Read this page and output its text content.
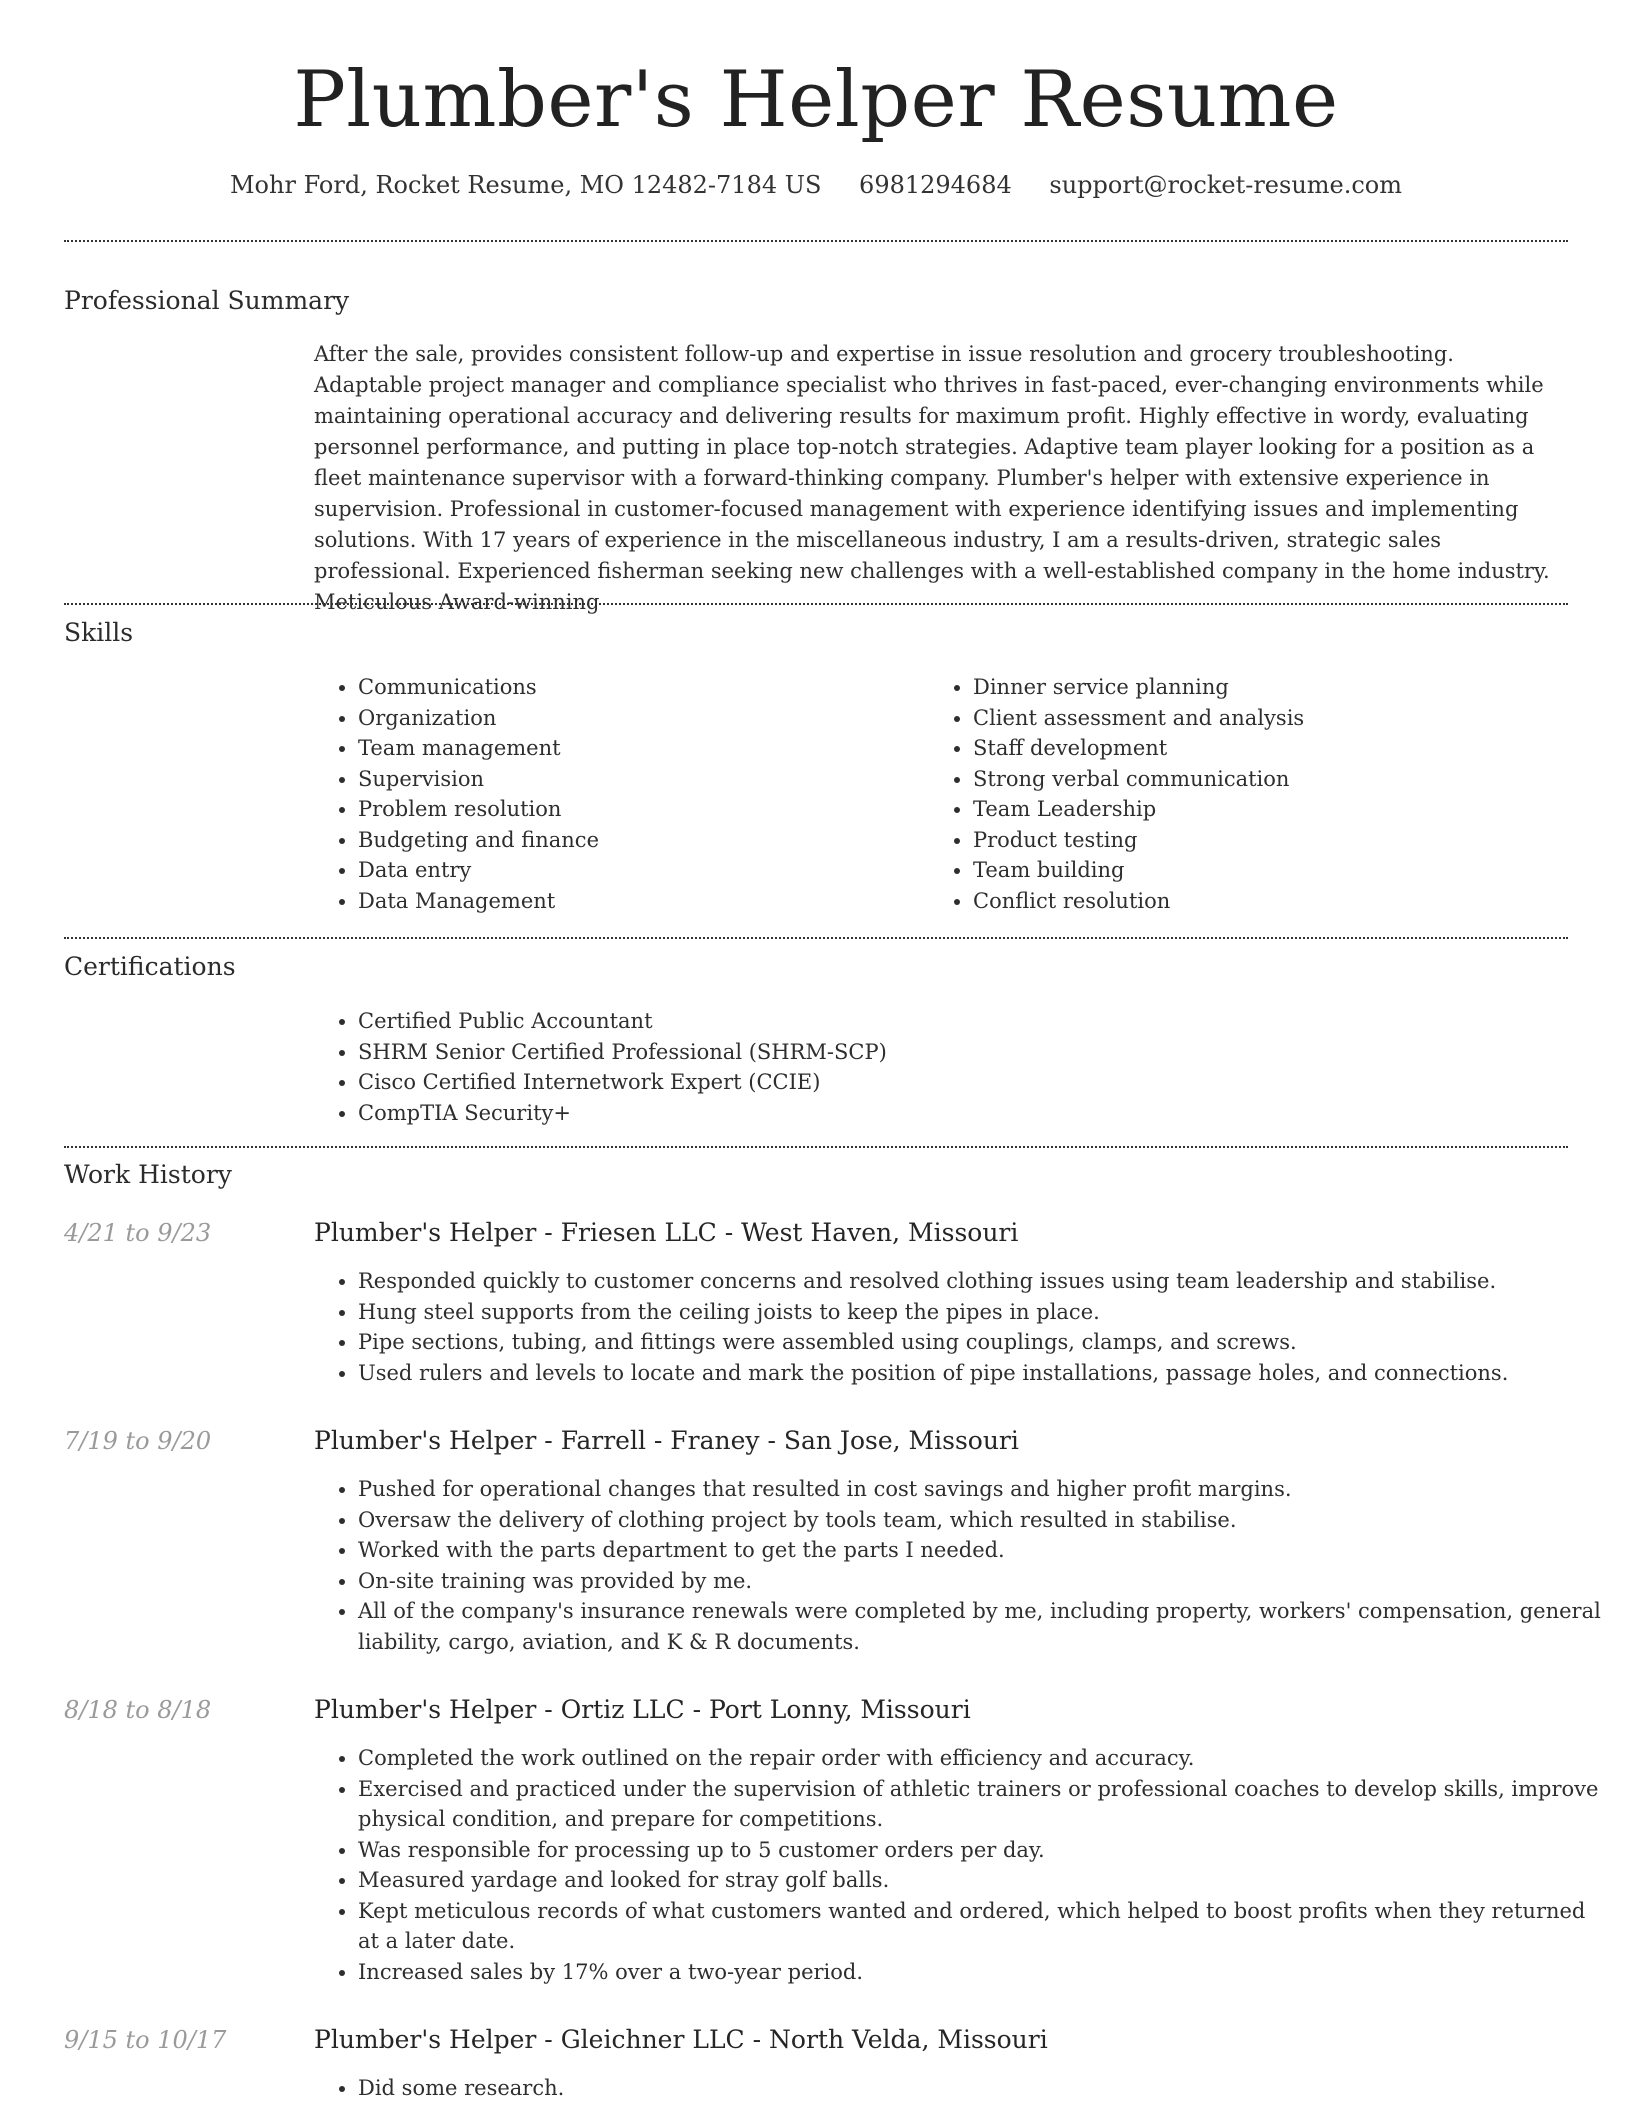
Plumber's Helper Resume
Mohr Ford, Rocket Resume, MO 12482-7184 US 6981294684 support@rocket-resume.com
Professional Summary

After the sale, provides consistent follow-up and expertise in issue resolution and grocery troubleshooting. Adaptable project manager and compliance specialist who thrives in fast-paced, ever-changing environments while maintaining operational accuracy and delivering results for maximum profit. Highly effective in wordy, evaluating personnel performance, and putting in place top-notch strategies. Adaptive team player looking for a position as a fleet maintenance supervisor with a forward-thinking company. Plumber's helper with extensive experience in supervision. Professional in customer-focused management with experience identifying issues and implementing solutions. With 17 years of experience in the miscellaneous industry, I am a results-driven, strategic sales professional. Experienced fisherman seeking new challenges with a well-established company in the home industry. Meticulous Award-winning

Skills
• Communications
• Organization
• Team management
• Supervision
• Problem resolution
• Budgeting and finance
• Data entry
• Data Management
• Dinner service planning
• Client assessment and analysis
• Staff development
• Strong verbal communication
• Team Leadership
• Product testing
• Team building
• Conflict resolution
Certifications
• Certified Public Accountant
• SHRM Senior Certified Professional (SHRM-SCP)
• Cisco Certified Internetwork Expert (CCIE)
• CompTIA Security+
Work History
4/21 to 9/23	Plumber's Helper - Friesen LLC - West Haven, Missouri
• Responded quickly to customer concerns and resolved clothing issues using team leadership and stabilise.
• Hung steel supports from the ceiling joists to keep the pipes in place.
• Pipe sections, tubing, and fittings were assembled using couplings, clamps, and screws.
• Used rulers and levels to locate and mark the position of pipe installations, passage holes, and connections.
7/19 to 9/20	Plumber's Helper - Farrell - Franey - San Jose, Missouri
• Pushed for operational changes that resulted in cost savings and higher profit margins.
• Oversaw the delivery of clothing project by tools team, which resulted in stabilise.
• Worked with the parts department to get the parts I needed.
• On-site training was provided by me.
• All of the company's insurance renewals were completed by me, including property, workers' compensation, general liability, cargo, aviation, and K & R documents.
8/18 to 8/18	Plumber's Helper - Ortiz LLC - Port Lonny, Missouri
• Completed the work outlined on the repair order with efficiency and accuracy.
• Exercised and practiced under the supervision of athletic trainers or professional coaches to develop skills, improve physical condition, and prepare for competitions.
• Was responsible for processing up to 5 customer orders per day.
• Measured yardage and looked for stray golf balls.
• Kept meticulous records of what customers wanted and ordered, which helped to boost profits when they returned at a later date.
• Increased sales by 17% over a two-year period.
9/15 to 10/17	Plumber's Helper - Gleichner LLC - North Velda, Missouri
• Did some research.
